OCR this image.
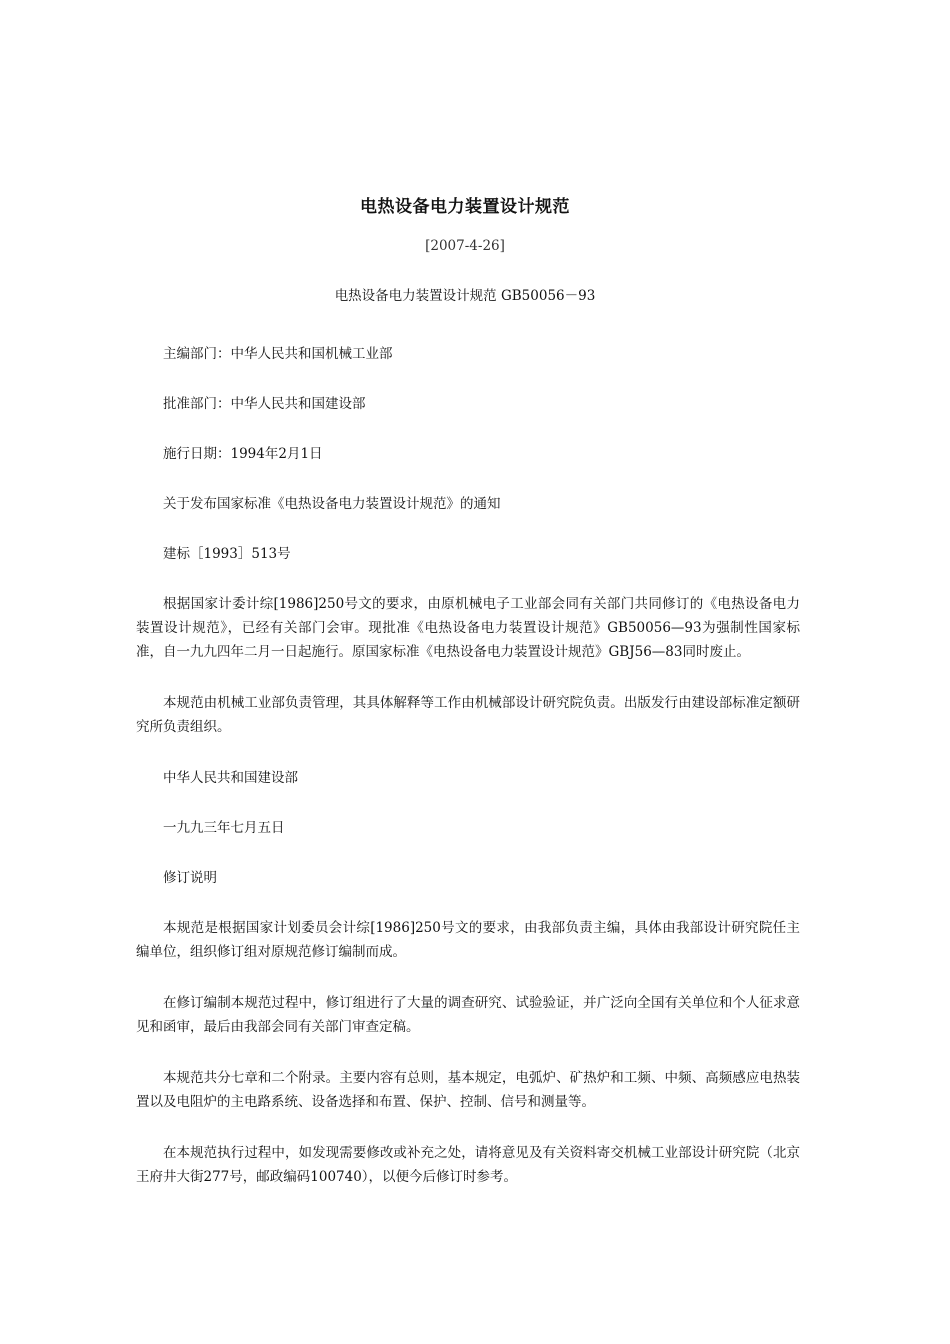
电热设备电力装置设计规范
[2007-4-26]
电热设备电力装置设计规范 GB50056－93

主编部门：中华人民共和国机械工业部

批准部门：中华人民共和国建设部

施行日期：1994年2月1日

关于发布国家标准《电热设备电力装置设计规范》的通知

建标［1993］513号

根据国家计委计综[1986]250号文的要求，由原机械电子工业部会同有关部门共同修订的《电热设备电力装置设计规范》，已经有关部门会审。现批准《电热设备电力装置设计规范》GB50056—93为强制性国家标准，自一九九四年二月一日起施行。原国家标准《电热设备电力装置设计规范》GBJ56—83同时废止。

本规范由机械工业部负责管理，其具体解释等工作由机械部设计研究院负责。出版发行由建设部标准定额研究所负责组织。

中华人民共和国建设部

一九九三年七月五日

修订说明

本规范是根据国家计划委员会计综[1986]250号文的要求，由我部负责主编，具体由我部设计研究院任主编单位，组织修订组对原规范修订编制而成。

在修订编制本规范过程中，修订组进行了大量的调查研究、试验验证，并广泛向全国有关单位和个人征求意见和函审，最后由我部会同有关部门审查定稿。

本规范共分七章和二个附录。主要内容有总则，基本规定，电弧炉、矿热炉和工频、中频、高频感应电热装置以及电阻炉的主电路系统、设备选择和布置、保护、控制、信号和测量等。

在本规范执行过程中，如发现需要修改或补充之处，请将意见及有关资料寄交机械工业部设计研究院（北京王府井大街277号，邮政编码100740），以便今后修订时参考。
